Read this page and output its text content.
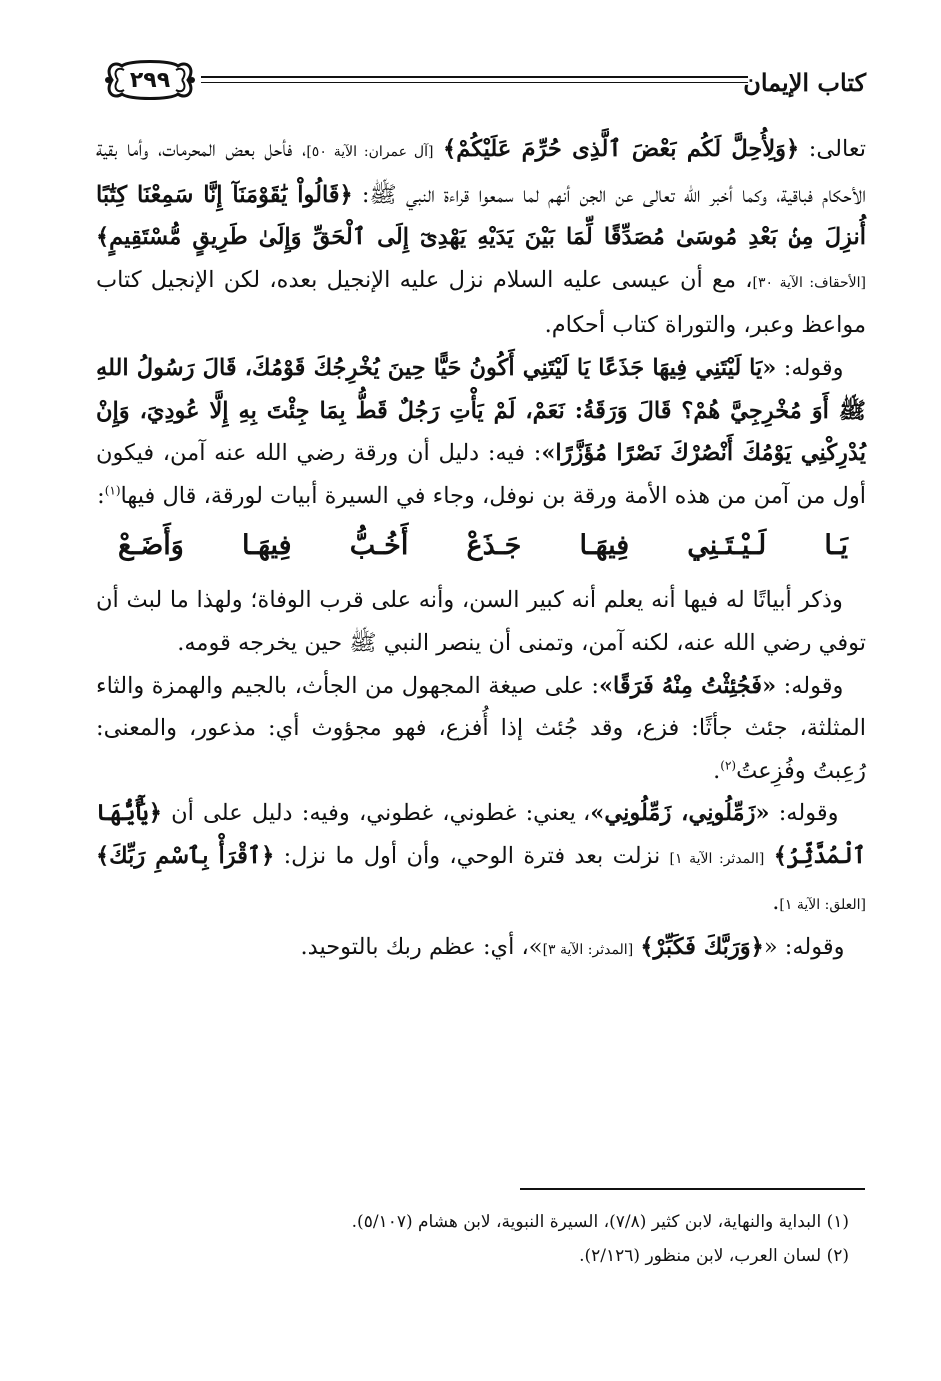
٢٩٩	كتاب الإيمان

تعالى: ﴿وَلِأُحِلَّ لَكُم بَعْضَ ٱلَّذِى حُرِّمَ عَلَيْكُمْ﴾ [آل عمران: الآية ٥٠]، فأحل بعض المحرمات، وأما بقية الأحكام فباقية، وكما أخبر الله تعالى عن الجن أنهم لما سمعوا قراءة النبي ﷺ: ﴿قَالُواْ يَٰقَوْمَنَآ إِنَّا سَمِعْنَا كِتَٰبًا أُنزِلَ مِنۢ بَعْدِ مُوسَىٰ مُصَدِّقًا لِّمَا بَيْنَ يَدَيْهِ يَهْدِىٓ إِلَى ٱلْحَقِّ وَإِلَىٰ طَرِيقٍ مُّسْتَقِيمٍ﴾ [الأحقاف: الآية ٣٠]، مع أن عيسى عليه السلام نزل عليه الإنجيل بعده، لكن الإنجيل كتاب مواعظ وعبر، والتوراة كتاب أحكام.

وقوله: «يَا لَيْتَنِي فِيهَا جَذَعًا يَا لَيْتَنِي أَكُونُ حَيًّا حِينَ يُخْرِجُكَ قَوْمُكَ، قَالَ رَسُولُ اللهِ ﷺ أَوَ مُخْرِجِيَّ هُمْ؟ قَالَ وَرَقَةُ: نَعَمْ، لَمْ يَأْتِ رَجُلٌ قَطُّ بِمَا جِئْتَ بِهِ إِلَّا عُودِيَ، وَإِنْ يُدْرِكْنِي يَوْمُكَ أَنْصُرْكَ نَصْرًا مُؤَزَّرًا»: فيه: دليل أن ورقة رضي الله عنه آمن، فيكون أول من آمن من هذه الأمة ورقة بن نوفل، وجاء في السيرة أبيات لورقة، قال فيها$^{(١)}$:

يَـا
لَـيْـتَـنِي
فِيهَـا
جَـذَعْ
أَخُـبُّ
فِيهَـا
وَأَضَـعْ

وذكر أبياتًا له فيها أنه يعلم أنه كبير السن، وأنه على قرب الوفاة؛ ولهذا ما لبث أن توفي رضي الله عنه، لكنه آمن، وتمنى أن ينصر النبي ﷺ حين يخرجه قومه.

وقوله: «فَجُئِثْتُ مِنْهُ فَرَقًا»: على صيغة المجهول من الجأث، بالجيم والهمزة والثاء المثلثة، جئث جأثًا: فزع، وقد جُئث إذا أُفزع، فهو مجؤوث أي: مذعور، والمعنى: رُعِبتُ وفُزِعتُ$^{(٢)}$.

وقوله: «زَمِّلُونِي، زَمِّلُونِي»، يعني: غطوني، غطوني، وفيه: دليل على أن ﴿يَٰٓأَيُّهَا ٱلْمُدَّثِّرُ﴾ [المدثر: الآية ١] نزلت بعد فترة الوحي، وأن أول ما نزل: ﴿ٱقْرَأْ بِٱسْمِ رَبِّكَ﴾ [العلق: الآية ١].

وقوله: «﴿وَرَبَّكَ فَكَبِّرْ﴾ [المدثر: الآية ٣]»، أي: عظم ربك بالتوحيد.

(١) البداية والنهاية، لابن كثير (٧/٨)، السيرة النبوية، لابن هشام (٥/١٠٧).
(٢) لسان العرب، لابن منظور (٢/١٢٦).
